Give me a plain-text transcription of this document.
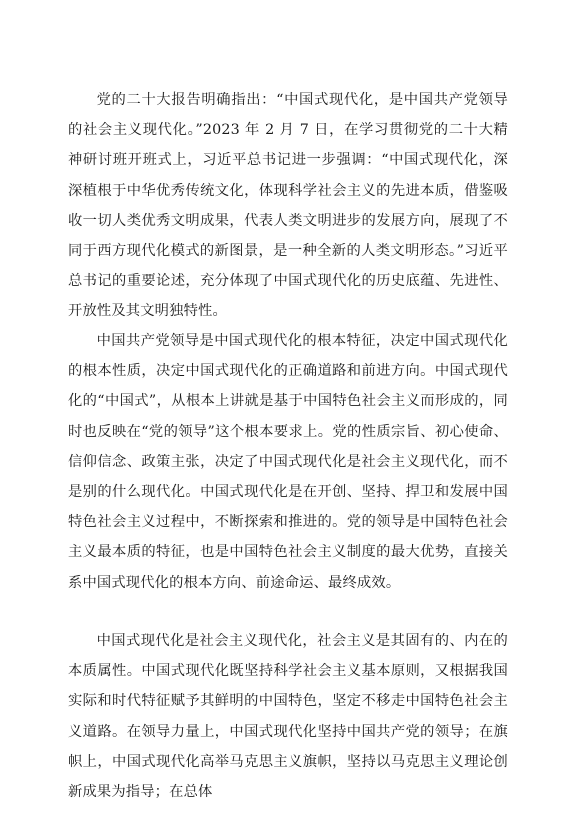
党的二十大报告明确指出：“中国式现代化，是中国共产党领导的社会主义现代化。”2023 年 2 月 7 日，在学习贯彻党的二十大精神研讨班开班式上，习近平总书记进一步强调：“中国式现代化，深深植根于中华优秀传统文化，体现科学社会主义的先进本质，借鉴吸收一切人类优秀文明成果，代表人类文明进步的发展方向，展现了不同于西方现代化模式的新图景，是一种全新的人类文明形态。”习近平总书记的重要论述，充分体现了中国式现代化的历史底蕴、先进性、开放性及其文明独特性。

中国共产党领导是中国式现代化的根本特征，决定中国式现代化的根本性质，决定中国式现代化的正确道路和前进方向。中国式现代化的“中国式”，从根本上讲就是基于中国特色社会主义而形成的，同时也反映在“党的领导”这个根本要求上。党的性质宗旨、初心使命、信仰信念、政策主张，决定了中国式现代化是社会主义现代化，而不是别的什么现代化。中国式现代化是在开创、坚持、捍卫和发展中国特色社会主义过程中，不断探索和推进的。党的领导是中国特色社会主义最本质的特征，也是中国特色社会主义制度的最大优势，直接关系中国式现代化的根本方向、前途命运、最终成效。

中国式现代化是社会主义现代化，社会主义是其固有的、内在的本质属性。中国式现代化既坚持科学社会主义基本原则，又根据我国实际和时代特征赋予其鲜明的中国特色，坚定不移走中国特色社会主义道路。在领导力量上，中国式现代化坚持中国共产党的领导；在旗帜上，中国式现代化高举马克思主义旗帜，坚持以马克思主义理论创新成果为指导；在总体
